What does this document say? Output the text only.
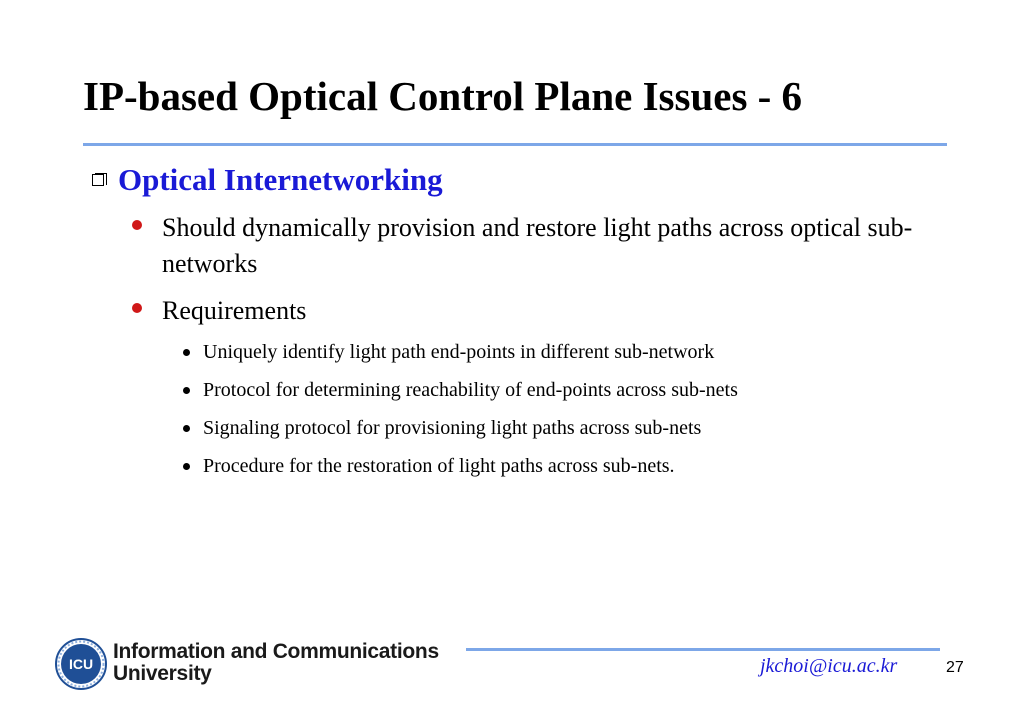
IP-based Optical Control Plane Issues - 6
Optical Internetworking
Should dynamically provision and restore light paths across optical sub-networks
Requirements
Uniquely identify light path end-points in different sub-network
Protocol for determining reachability of end-points across sub-nets
Signaling protocol for provisioning light paths across sub-nets
Procedure for the restoration of light paths across sub-nets.
ICU
Information and Communications
University	jkchoi@icu.ac.kr	27
